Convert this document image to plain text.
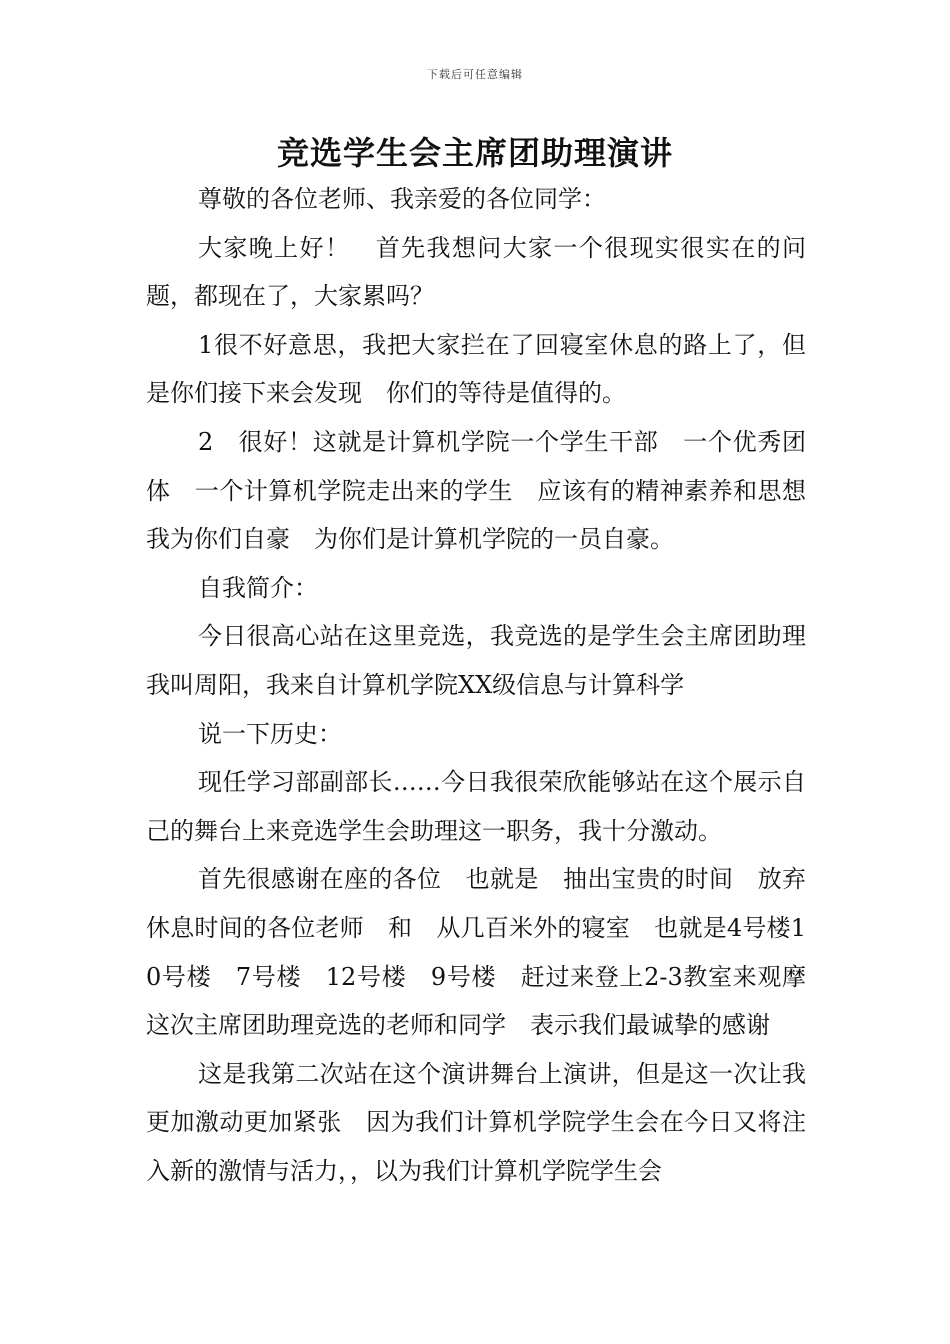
下载后可任意编辑
竞选学生会主席团助理演讲

尊敬的各位老师、我亲爱的各位同学：

大家晚上好！　首先我想问大家一个很现实很实在的问题，都现在了，大家累吗？

1很不好意思，我把大家拦在了回寝室休息的路上了，但是你们接下来会发现　你们的等待是值得的。

2　很好！这就是计算机学院一个学生干部　一个优秀团体　一个计算机学院走出来的学生　应该有的精神素养和思想　我为你们自豪　为你们是计算机学院的一员自豪。

自我简介：

今日很高心站在这里竞选，我竞选的是学生会主席团助理我叫周阳，我来自计算机学院XX级信息与计算科学

说一下历史：

现任学习部副部长……今日我很荣欣能够站在这个展示自己的舞台上来竞选学生会助理这一职务，我十分激动。

首先很感谢在座的各位　也就是　抽出宝贵的时间　放弃休息时间的各位老师　和　从几百米外的寝室　也就是4号楼10号楼　7号楼　12号楼　9号楼　赶过来登上2-3教室来观摩这次主席团助理竞选的老师和同学　表示我们最诚挚的感谢

这是我第二次站在这个演讲舞台上演讲，但是这一次让我更加激动更加紧张　因为我们计算机学院学生会在今日又将注入新的激情与活力，，以为我们计算机学院学生会
